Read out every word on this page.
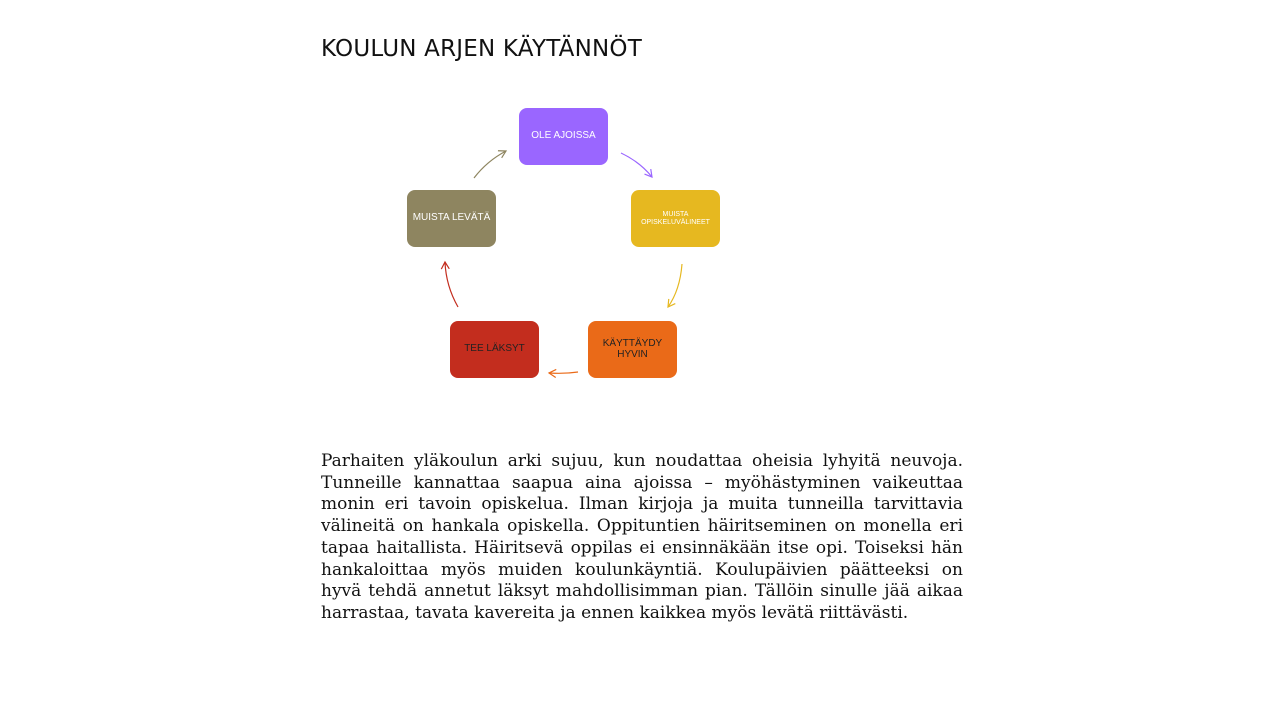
KOULUN ARJEN KÄYTÄNNÖT
OLE AJOISSA
MUISTA OPISKELUVÄLINEET
KÄYTTÄYDY HYVIN
TEE LÄKSYT
MUISTA LEVÄTÄ

Parhaiten yläkoulun arki sujuu, kun noudattaa oheisia lyhyitä neuvoja. Tunneille kannattaa saapua aina ajoissa – myöhästyminen vaikeuttaa monin eri tavoin opiskelua. Ilman kirjoja ja muita tunneilla tarvittavia välineitä on hankala opiskella. Oppituntien häiritseminen on monella eri tapaa haitallista. Häiritsevä oppilas ei ensinnäkään itse opi. Toiseksi hän hankaloittaa myös muiden koulunkäyntiä. Koulupäivien päätteeksi on hyvä tehdä annetut läksyt mahdollisimman pian. Tällöin sinulle jää aikaa harrastaa, tavata kavereita ja ennen kaikkea myös levätä riittävästi.
